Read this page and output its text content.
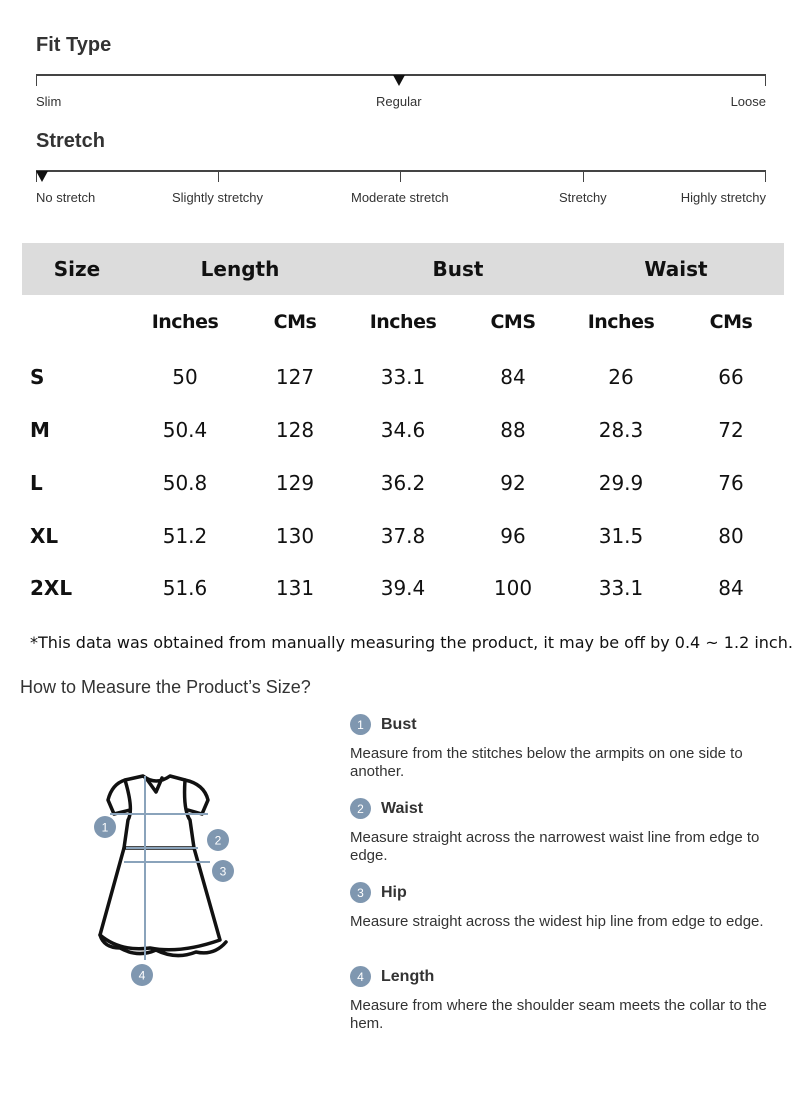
Fit Type
Slim	Regular	Loose
Stretch
No stretch	Slightly stretchy	Moderate stretch	Stretchy	Highly stretchy
Size	Length	Bust	Waist
Inches	CMs	Inches	CMS	Inches	CMs
S	50	127	33.1	84	26	66
M	50.4	128	34.6	88	28.3	72
L	50.8	129	36.2	92	29.9	76
XL	51.2	130	37.8	96	31.5	80
2XL	51.6	131	39.4	100	33.1	84
*This data was obtained from manually measuring the product, it may be off by 0.4 ~ 1.2 inch.
How to Measure the Product’s Size?
1
2
3
4
1	Bust
Measure from the stitches below the armpits on one side to another.
2	Waist
Measure straight across the narrowest waist line from edge to edge.
3	Hip
Measure straight across the widest hip line from edge to edge.
4	Length
Measure from where the shoulder seam meets the collar to the hem.
